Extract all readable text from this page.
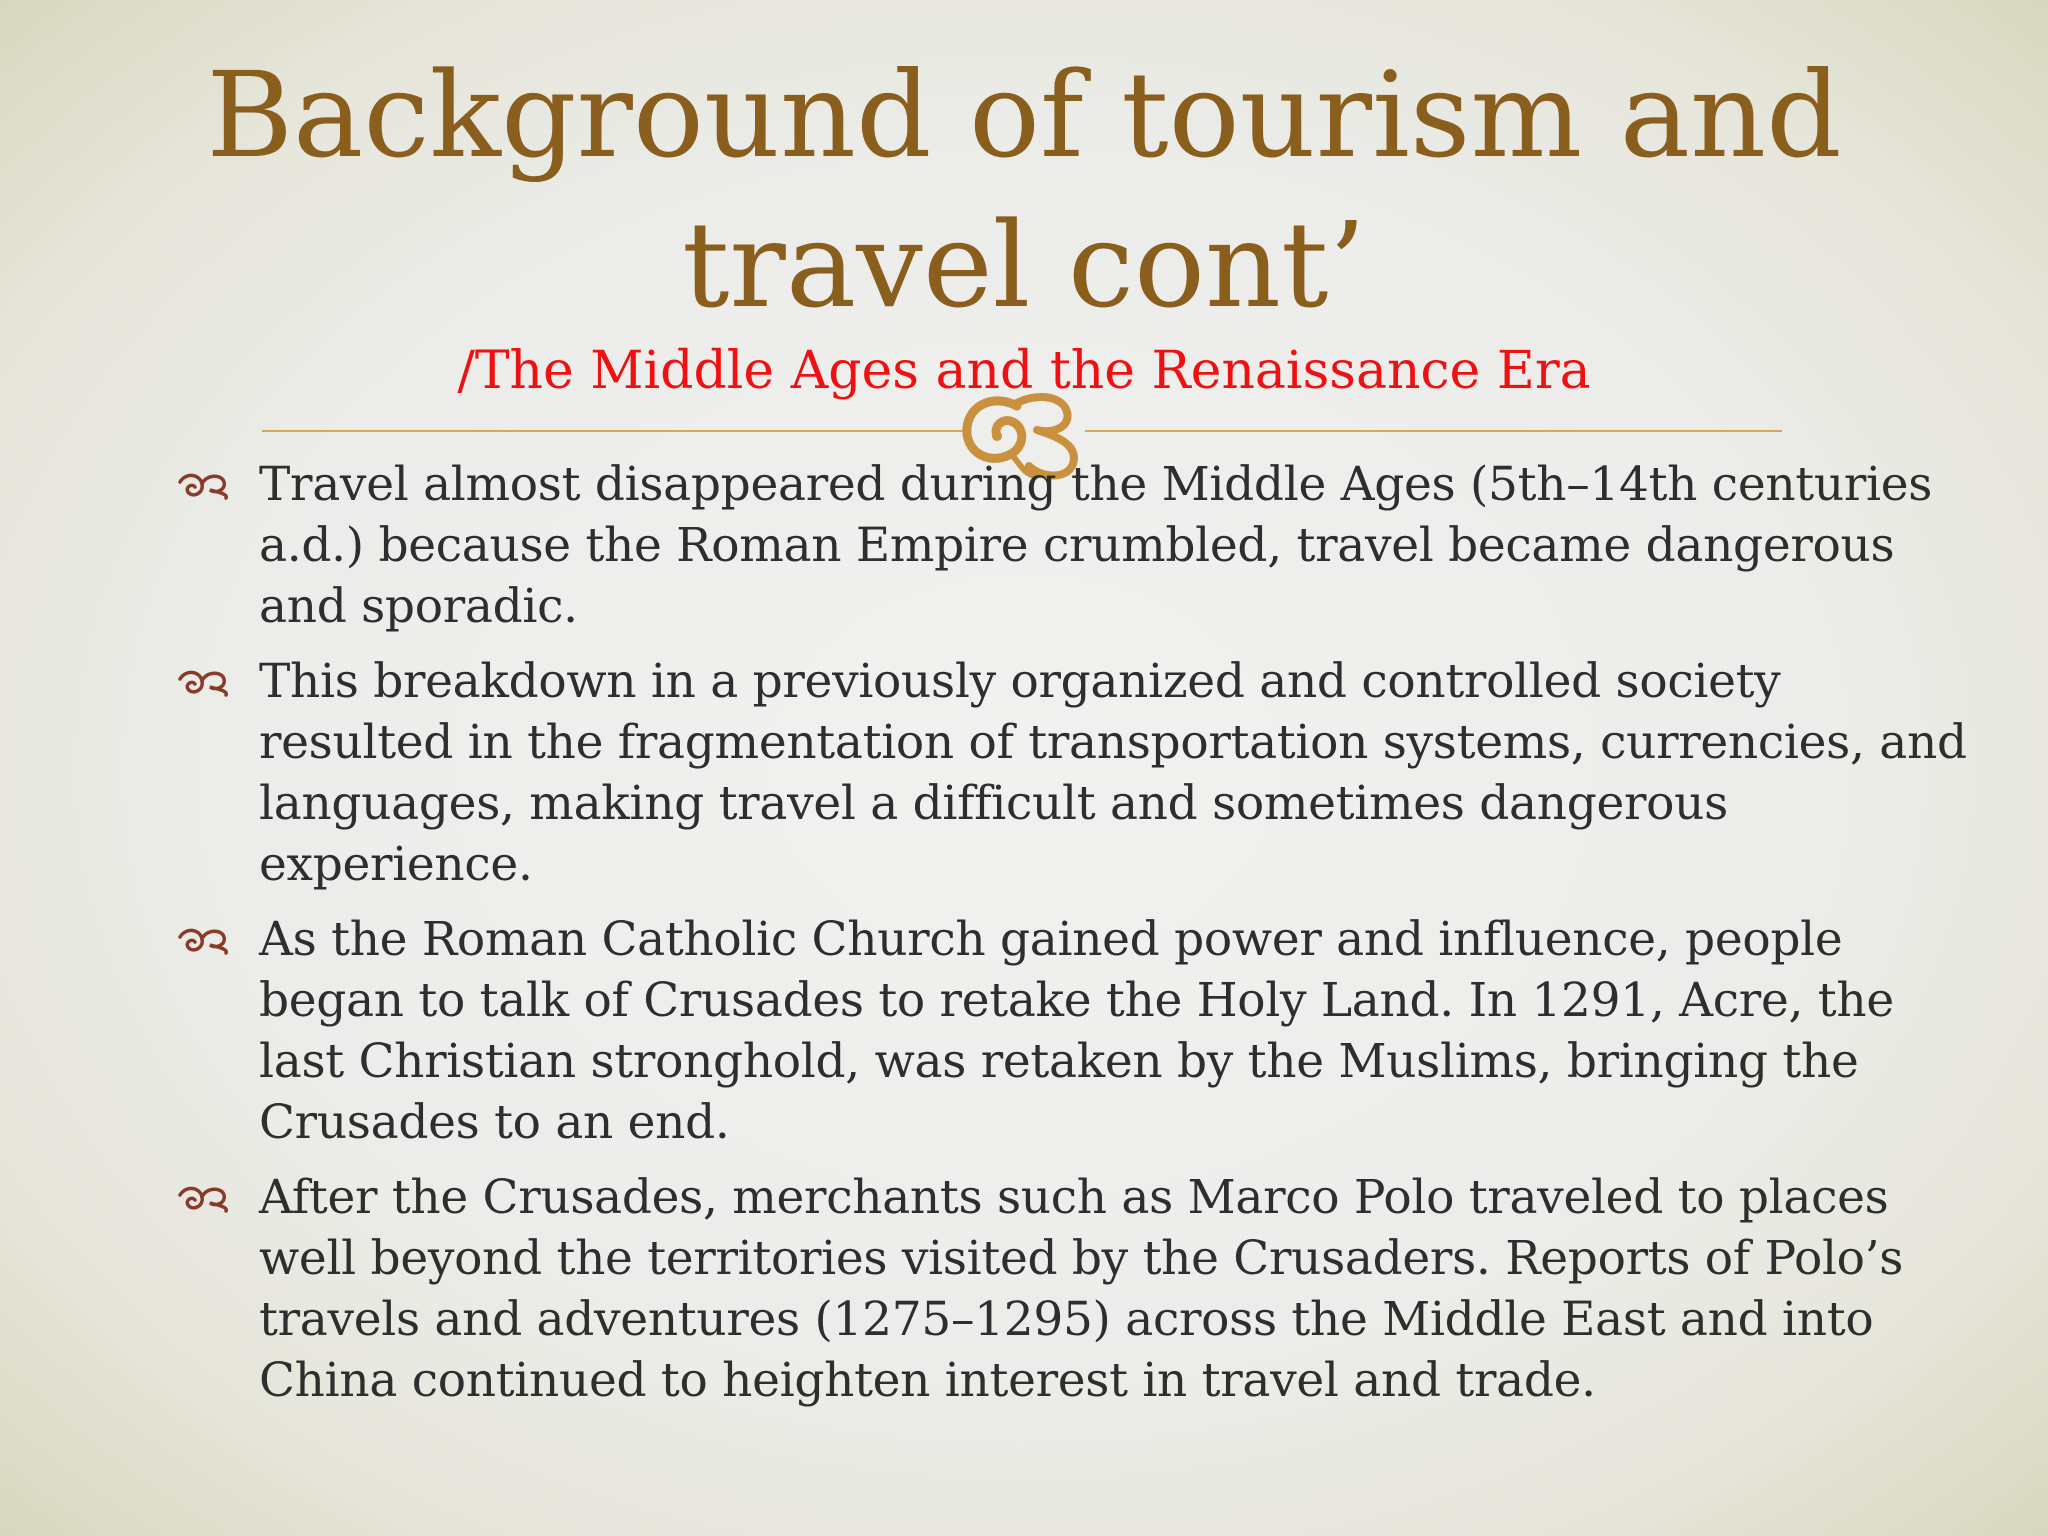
Background of tourism and travel cont’
/The Middle Ages and the Renaissance Era
Travel almost disappeared during the Middle Ages (5th–14th centuries a.d.) because the Roman Empire crumbled, travel became dangerous and sporadic.
This breakdown in a previously organized and controlled society resulted in the fragmentation of transportation systems, currencies, and languages, making travel a difficult and sometimes dangerous experience.
As the Roman Catholic Church gained power and influence, people began to talk of Crusades to retake the Holy Land. In 1291, Acre, the last Christian stronghold, was retaken by the Muslims, bringing the Crusades to an end.
After the Crusades, merchants such as Marco Polo traveled to places well beyond the territories visited by the Crusaders. Reports of Polo’s travels and adventures (1275–1295) across the Middle East and into China continued to heighten interest in travel and trade.
